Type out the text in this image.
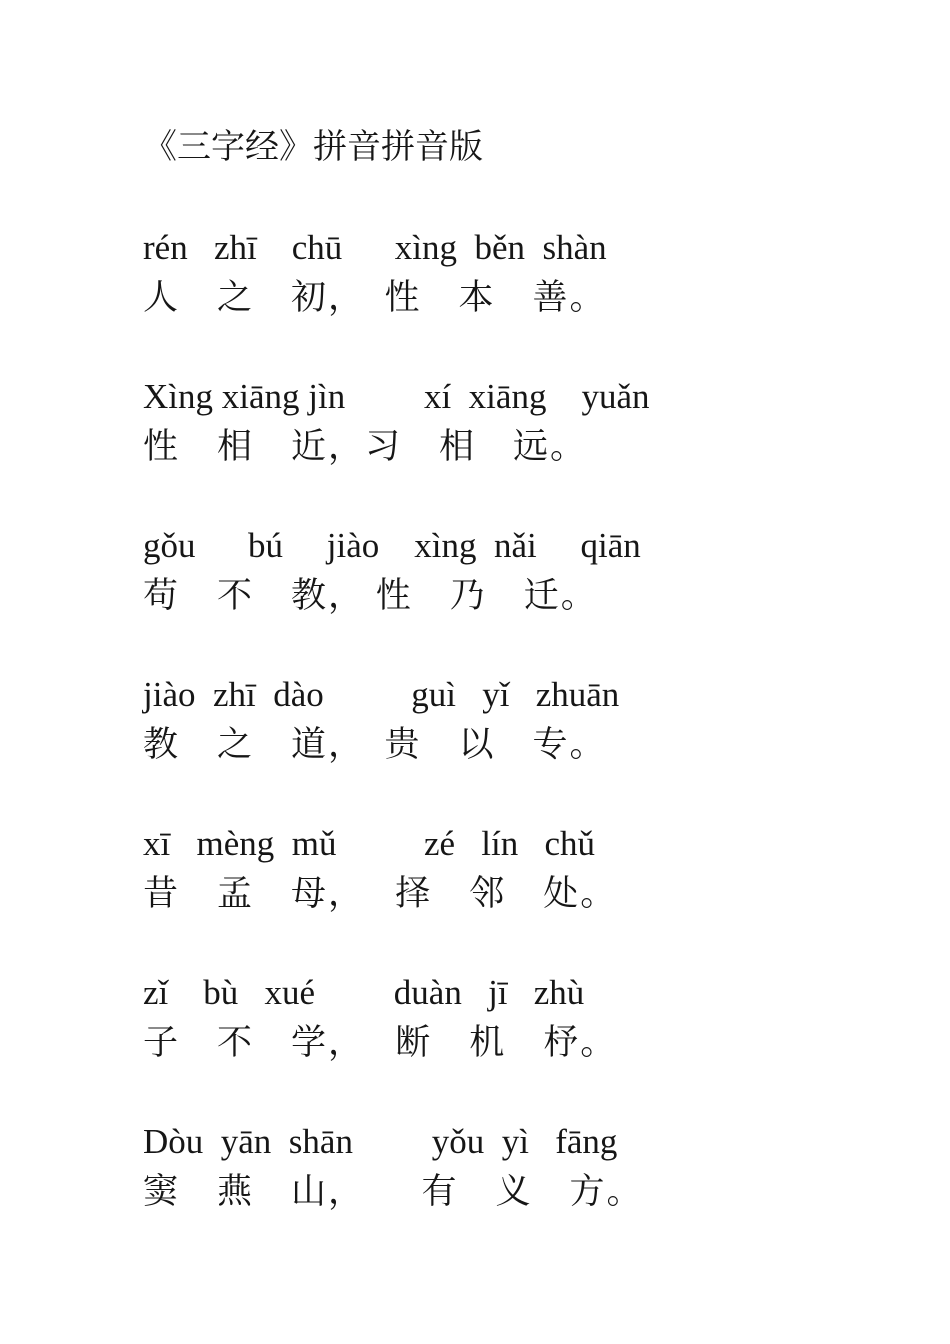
《三字经》拼音拼音版
rén   zhī    chū      xìng  běn  shàn
人　之　初，　性　本　善。
Xìng xiāng jìn         xí  xiāng    yuǎn
性　相　近，习　相　远。
gǒu      bú     jiào    xìng  nǎi     qiān
苟　不　教， 性　乃　迁。
jiào  zhī  dào          guì   yǐ   zhuān
教　之　道，　贵　以　专。
xī   mèng  mǔ          zé   lín   chǔ
昔　孟　母，　 择　邻　处。
zǐ    bù   xué         duàn   jī   zhù
子　不　学，　 断　机　杼。
Dòu  yān  shān         yǒu  yì   fāng
窦　燕　山，　　有　义　方。
